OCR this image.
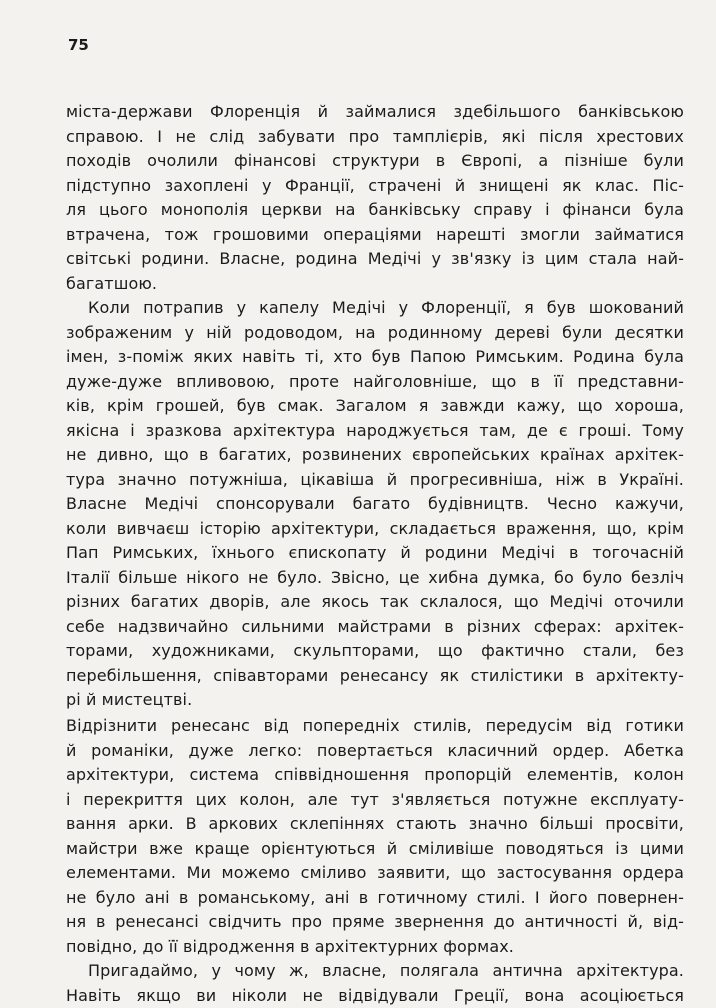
75
міста-держави Флоренція й займалися здебільшого банківською
справою. І не слід забувати про тамплієрів, які після хрестових
походів очолили фінансові структури в Європі, а пізніше були
підступно захоплені у Франції, страчені й знищені як клас. Піс-
ля цього монополія церкви на банківську справу і фінанси була
втрачена, тож грошовими операціями нарешті змогли займатися
світські родини. Власне, родина Медічі у зв'язку із цим стала най-
багатшою.
Коли потрапив у капелу Медічі у Флоренції, я був шокований
зображеним у ній родоводом, на родинному дереві були десятки
імен, з-поміж яких навіть ті, хто був Папою Римським. Родина була
дуже-дуже впливовою, проте найголовніше, що в її представни-
ків, крім грошей, був смак. Загалом я завжди кажу, що хороша,
якісна і зразкова архітектура народжується там, де є гроші. Тому
не дивно, що в багатих, розвинених європейських країнах архітек-
тура значно потужніша, цікавіша й прогресивніша, ніж в Україні.
Власне Медічі спонсорували багато будівництв. Чесно кажучи,
коли вивчаєш історію архітектури, складається враження, що, крім
Пап Римських, їхнього єпископату й родини Медічі в тогочасній
Італії більше нікого не було. Звісно, це хибна думка, бо було безліч
різних багатих дворів, але якось так склалося, що Медічі оточили
себе надзвичайно сильними майстрами в різних сферах: архітек-
торами, художниками, скульпторами, що фактично стали, без
перебільшення, співавторами ренесансу як стилістики в архітекту-
рі й мистецтві.
Відрізнити ренесанс від попередніх стилів, передусім від готики
й романіки, дуже легко: повертається класичний ордер. Абетка
архітектури, система співвідношення пропорцій елементів, колон
і перекриття цих колон, але тут з'являється потужне експлуату-
вання арки. В аркових склепіннях стають значно більші просвіти,
майстри вже краще орієнтуються й сміливіше поводяться із цими
елементами. Ми можемо сміливо заявити, що застосування ордера
не було ані в романському, ані в готичному стилі. І його повернен-
ня в ренесансі свідчить про пряме звернення до античності й, від-
повідно, до її відродження в архітектурних формах.
Пригадаймо, у чому ж, власне, полягала антична архітектура.
Навіть якщо ви ніколи не відвідували Греції, вона асоціюється
